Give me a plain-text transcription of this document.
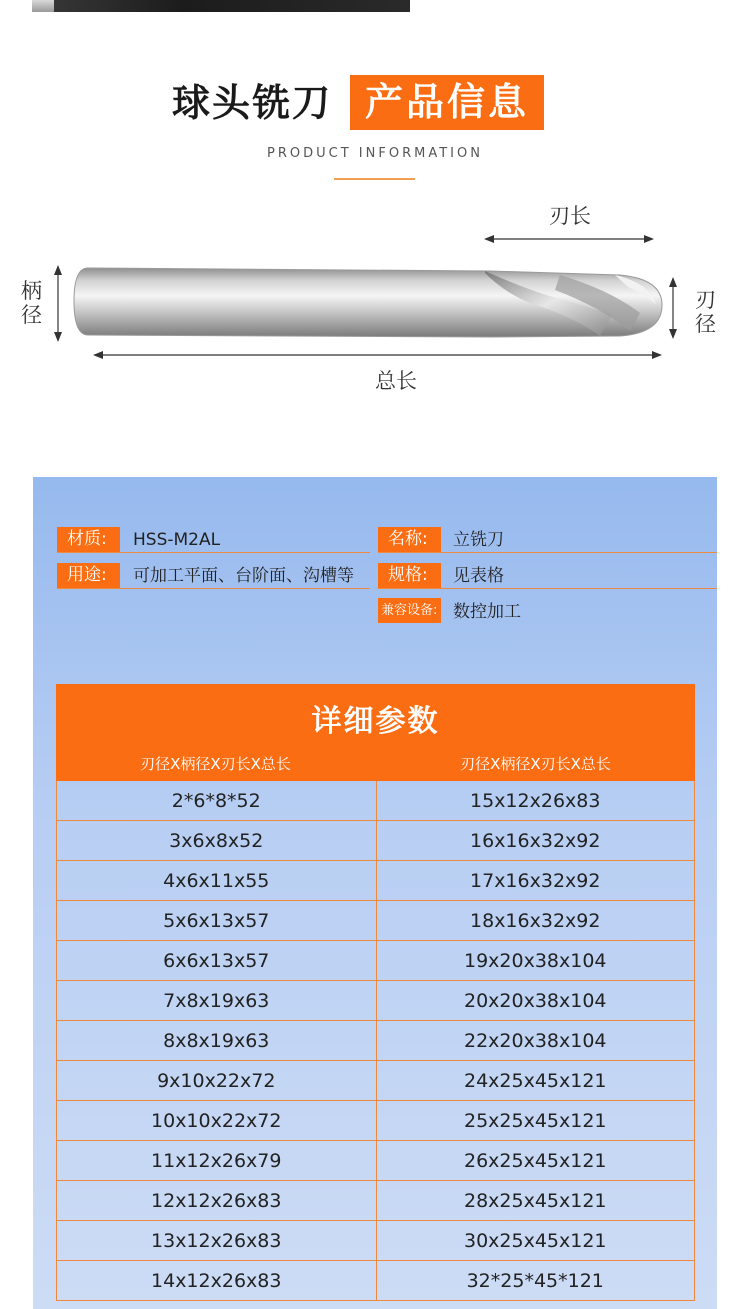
球头铣刀 产品信息
PRODUCT INFORMATION
刃长
柄
径
刃
径
总长
材质:	HSS-M2AL	名称:	立铣刀
用途:	可加工平面、台阶面、沟槽等	规格:	见表格
兼容设备: 数控加工
详细参数
刃径X柄径X刃长X总长	刃径X柄径X刃长X总长
2*6*8*52	15x12x26x83
3x6x8x52	16x16x32x92
4x6x11x55	17x16x32x92
5x6x13x57	18x16x32x92
6x6x13x57	19x20x38x104
7x8x19x63	20x20x38x104
8x8x19x63	22x20x38x104
9x10x22x72	24x25x45x121
10x10x22x72	25x25x45x121
11x12x26x79	26x25x45x121
12x12x26x83	28x25x45x121
13x12x26x83	30x25x45x121
14x12x26x83	32*25*45*121
